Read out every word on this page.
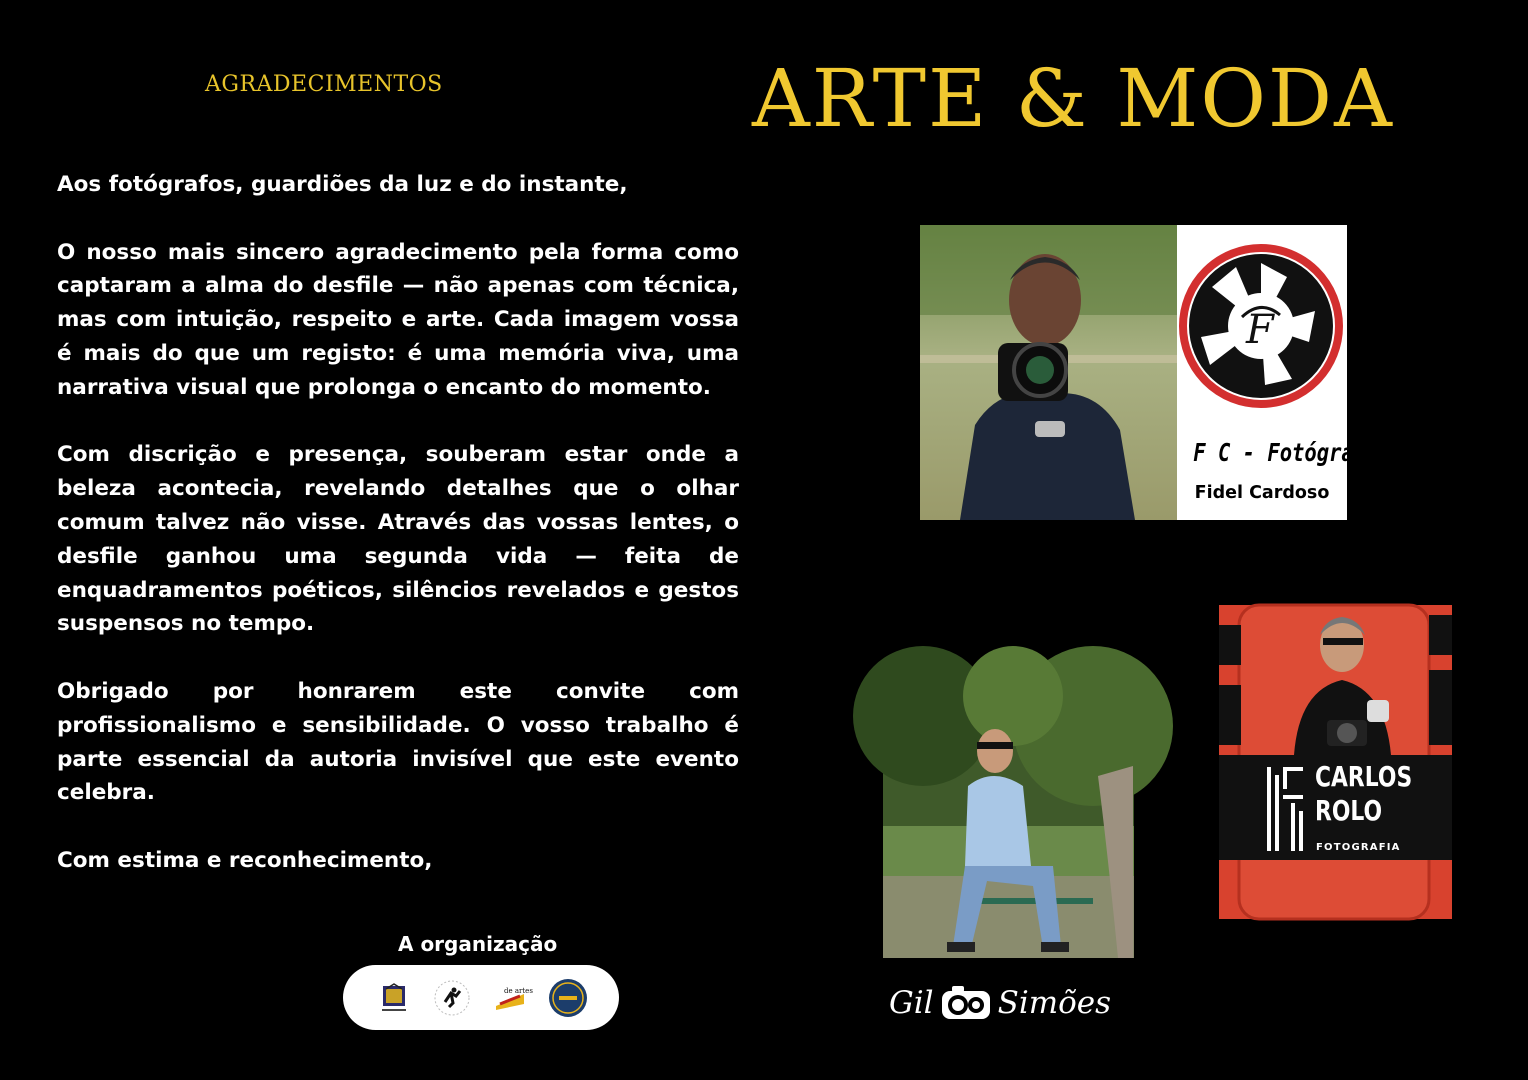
AGRADECIMENTOS	ARTE & MODA

Aos fotógrafos, guardiões da luz e do instante,

O nosso mais sincero agradecimento pela forma como captaram a alma do desfile — não apenas com técnica, mas com intuição, respeito e arte. Cada imagem vossa é mais do que um registo: é uma memória viva, uma narrativa visual que prolonga o encanto do momento.

Com discrição e presença, souberam estar onde a beleza acontecia, revelando detalhes que o olhar comum talvez não visse. Através das vossas lentes, o desfile ganhou uma segunda vida — feita de enquadramentos poéticos, silêncios revelados e gestos suspensos no tempo.

Obrigado por honrarem este convite com profissionalismo e sensibilidade. O vosso trabalho é parte essencial da autoria invisível que este evento celebra.

Com estima e reconhecimento,

A organização
de artes
F
F C - Fotógrafo
Fidel Cardoso
Gil Simões
CARLOS
ROLO
FOTOGRAFIA
